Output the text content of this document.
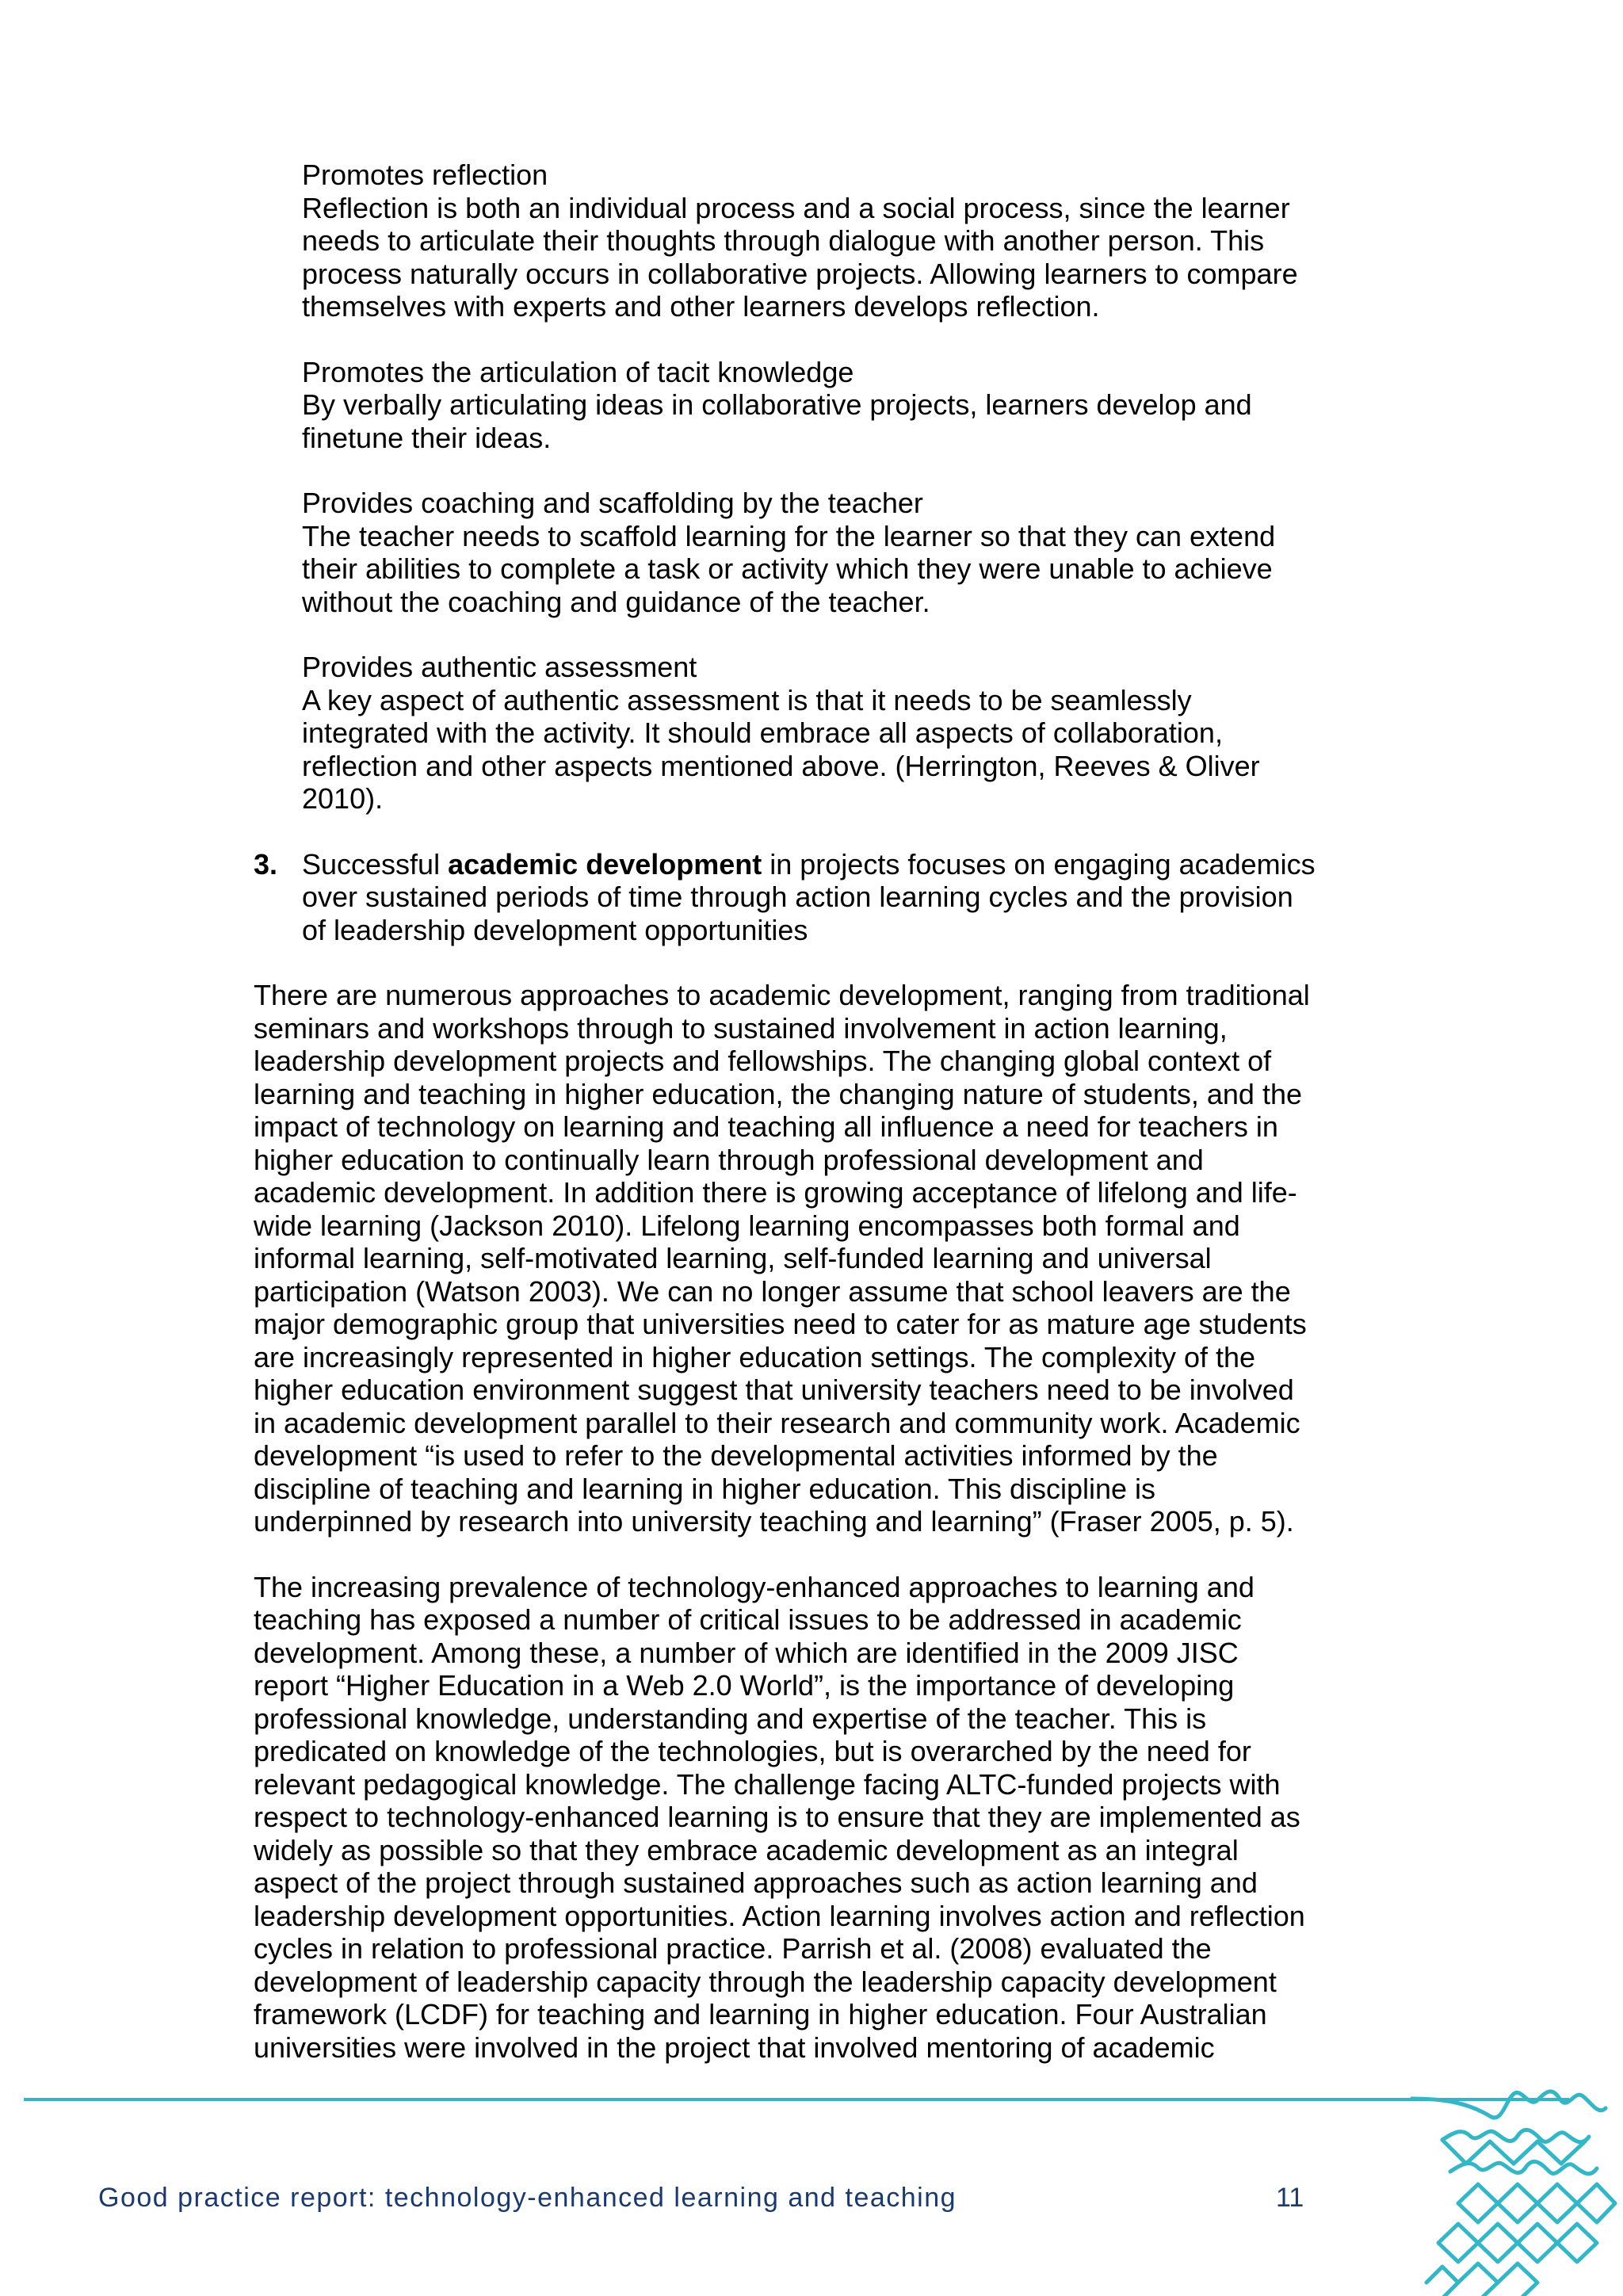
Promotes reflection

Reflection is both an individual process and a social process, since the learner

needs to articulate their thoughts through dialogue with another person. This

process naturally occurs in collaborative projects. Allowing learners to compare

themselves with experts and other learners develops reflection.

Promotes the articulation of tacit knowledge

By verbally articulating ideas in collaborative projects, learners develop and

finetune their ideas.

Provides coaching and scaffolding by the teacher

The teacher needs to scaffold learning for the learner so that they can extend

their abilities to complete a task or activity which they were unable to achieve

without the coaching and guidance of the teacher.

Provides authentic assessment

A key aspect of authentic assessment is that it needs to be seamlessly

integrated with the activity. It should embrace all aspects of collaboration,

reflection and other aspects mentioned above. (Herrington, Reeves & Oliver

2010).

3. Successful academic development in projects focuses on engaging academics

over sustained periods of time through action learning cycles and the provision

of leadership development opportunities

There are numerous approaches to academic development, ranging from traditional
seminars and workshops through to sustained involvement in action learning,
leadership development projects and fellowships. The changing global context of
learning and teaching in higher education, the changing nature of students, and the
impact of technology on learning and teaching all influence a need for teachers in
higher education to continually learn through professional development and
academic development. In addition there is growing acceptance of lifelong and life-
wide learning (Jackson 2010). Lifelong learning encompasses both formal and
informal learning, self-motivated learning, self-funded learning and universal
participation (Watson 2003). We can no longer assume that school leavers are the
major demographic group that universities need to cater for as mature age students
are increasingly represented in higher education settings. The complexity of the
higher education environment suggest that university teachers need to be involved
in academic development parallel to their research and community work. Academic
development “is used to refer to the developmental activities informed by the
discipline of teaching and learning in higher education. This discipline is
underpinned by research into university teaching and learning” (Fraser 2005, p. 5).
The increasing prevalence of technology-enhanced approaches to learning and
teaching has exposed a number of critical issues to be addressed in academic
development. Among these, a number of which are identified in the 2009 JISC
report “Higher Education in a Web 2.0 World”, is the importance of developing
professional knowledge, understanding and expertise of the teacher. This is
predicated on knowledge of the technologies, but is overarched by the need for
relevant pedagogical knowledge. The challenge facing ALTC-funded projects with
respect to technology-enhanced learning is to ensure that they are implemented as
widely as possible so that they embrace academic development as an integral
aspect of the project through sustained approaches such as action learning and
leadership development opportunities. Action learning involves action and reflection
cycles in relation to professional practice. Parrish et al. (2008) evaluated the
development of leadership capacity through the leadership capacity development
framework (LCDF) for teaching and learning in higher education. Four Australian
universities were involved in the project that involved mentoring of academic
Good practice report: technology-enhanced learning and teaching	11
